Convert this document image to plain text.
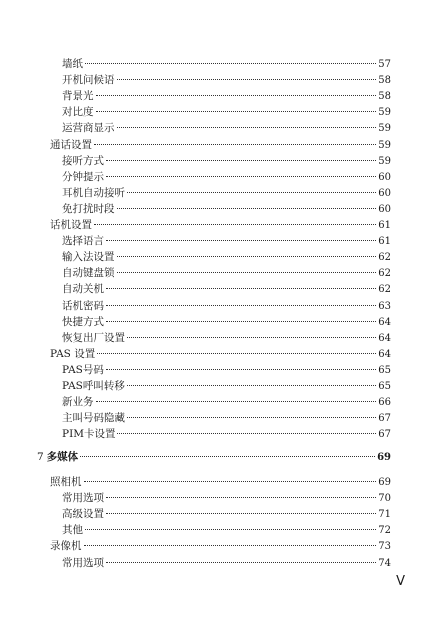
墙纸	57
开机问候语	58
背景光	58
对比度	59
运营商显示	59
通话设置	59
接听方式	59
分钟提示	60
耳机自动接听	60
免打扰时段	60
话机设置	61
选择语言	61
输入法设置	62
自动键盘锁	62
自动关机	62
话机密码	63
快捷方式	64
恢复出厂设置	64
PAS 设置	64
PAS号码	65
PAS呼叫转移	65
新业务	66
主叫号码隐藏	67
PIM卡设置	67
7 多媒体	69
照相机	69
常用选项	70
高级设置	71
其他	72
录像机	73
常用选项	74
V
